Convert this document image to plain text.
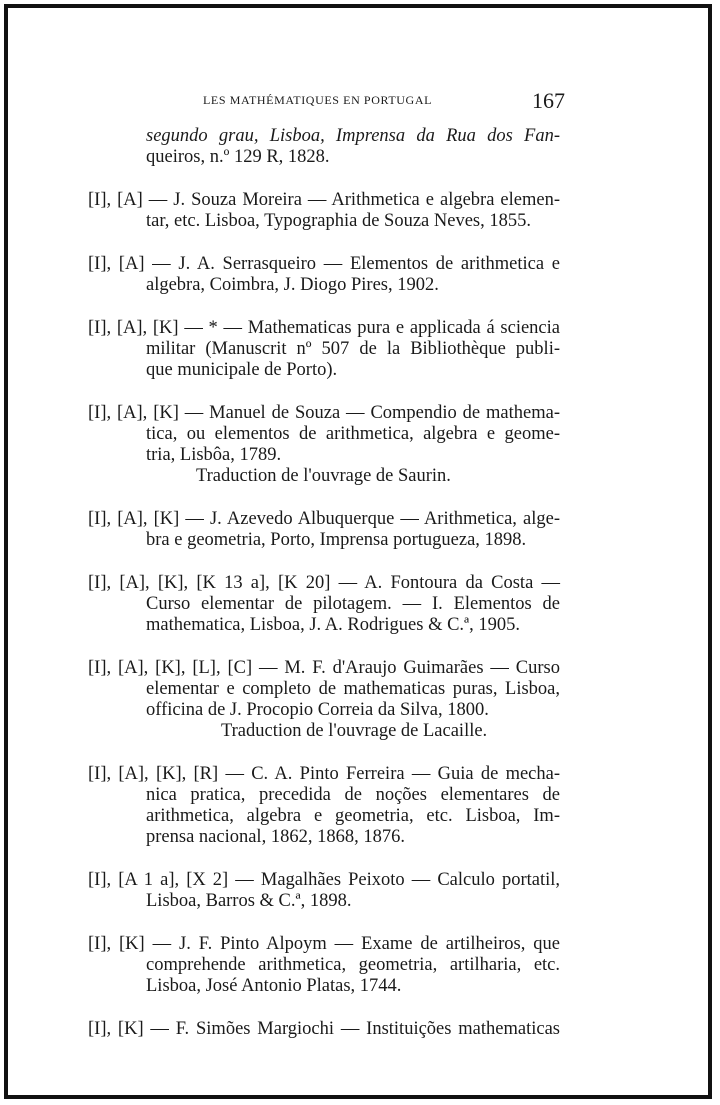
LES MATHÉMATIQUES EN PORTUGAL	167
segundo grau, Lisboa, Imprensa da Rua dos Fan-
queiros, n.º 129 R, 1828.
[I], [A] — J. Souza Moreira — Arithmetica e algebra elemen-
tar, etc. Lisboa, Typographia de Souza Neves, 1855.
[I], [A] — J. A. Serrasqueiro — Elementos de arithmetica e
algebra, Coimbra, J. Diogo Pires, 1902.
[I], [A], [K] — * — Mathematicas pura e applicada á sciencia
militar (Manuscrit nº 507 de la Bibliothèque publi-
que municipale de Porto).
[I], [A], [K] — Manuel de Souza — Compendio de mathema-
tica, ou elementos de arithmetica, algebra e geome-
tria, Lisbôa, 1789.
Traduction de l'ouvrage de Saurin.
[I], [A], [K] — J. Azevedo Albuquerque — Arithmetica, alge-
bra e geometria, Porto, Imprensa portugueza, 1898.
[I], [A], [K], [K 13 a], [K 20] — A. Fontoura da Costa —
Curso elementar de pilotagem. — I. Elementos de
mathematica, Lisboa, J. A. Rodrigues & C.ª, 1905.
[I], [A], [K], [L], [C] — M. F. d'Araujo Guimarães — Curso
elementar e completo de mathematicas puras, Lisboa,
officina de J. Procopio Correia da Silva, 1800.
Traduction de l'ouvrage de Lacaille.
[I], [A], [K], [R] — C. A. Pinto Ferreira — Guia de mecha-
nica pratica, precedida de noções elementares de
arithmetica, algebra e geometria, etc. Lisboa, Im-
prensa nacional, 1862, 1868, 1876.
[I], [A 1 a], [X 2] — Magalhães Peixoto — Calculo portatil,
Lisboa, Barros & C.ª, 1898.
[I], [K] — J. F. Pinto Alpoym — Exame de artilheiros, que
comprehende arithmetica, geometria, artilharia, etc.
Lisboa, José Antonio Platas, 1744.
[I], [K] — F. Simões Margiochi — Instituições mathematicas
